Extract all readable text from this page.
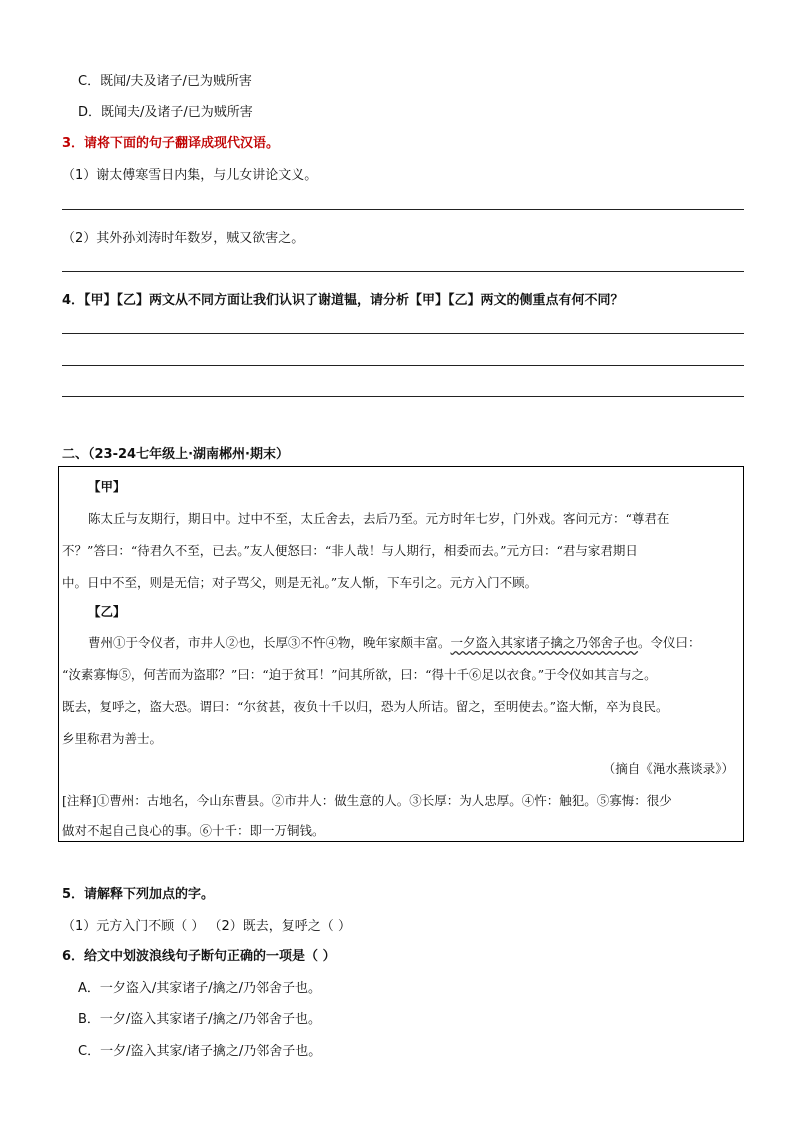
C．既闻/夫及诸子/已为贼所害
D．既闻夫/及诸子/已为贼所害
3．请将下面的句子翻译成现代汉语。
（1）谢太傅寒雪日内集，与儿女讲论文义。
（2）其外孙刘涛时年数岁，贼又欲害之。
4．【甲】【乙】两文从不同方面让我们认识了谢道韫，请分析【甲】【乙】两文的侧重点有何不同？
二、（23-24七年级上·湖南郴州·期末）
【甲】
陈太丘与友期行，期日中。过中不至，太丘舍去，去后乃至。元方时年七岁，门外戏。客问元方：“尊君在
不？”答曰：“待君久不至，已去。”友人便怒曰：“非人哉！与人期行，相委而去。”元方曰：“君与家君期日
中。日中不至，则是无信；对子骂父，则是无礼。”友人惭，下车引之。元方入门不顾。
【乙】
曹州①于令仪者，市井人②也，长厚③不忤④物，晚年家颇丰富。一夕盗入其家诸子擒之乃邻舍子也。令仪曰：
“汝素寡悔⑤，何苦而为盗耶？”曰：“迫于贫耳！”问其所欲，曰：“得十千⑥足以衣食。”于令仪如其言与之。
既去，复呼之，盗大恐。谓曰：“尔贫甚，夜负十千以归，恐为人所诘。留之，至明使去。”盗大惭，卒为良民。
乡里称君为善士。
（摘自《渑水燕谈录》）
[注释]①曹州：古地名，今山东曹县。②市井人：做生意的人。③长厚：为人忠厚。④忤：触犯。⑤寡悔：很少
做对不起自己良心的事。⑥十千：即一万铜钱。
5．请解释下列加点的字。
（1）元方入门不顾（ ） （2）既去，复呼之（ ）
6．给文中划波浪线句子断句正确的一项是（ ）
A．一夕盗入/其家诸子/擒之/乃邻舍子也。
B．一夕/盗入其家诸子/擒之/乃邻舍子也。
C．一夕/盗入其家/诸子擒之/乃邻舍子也。
